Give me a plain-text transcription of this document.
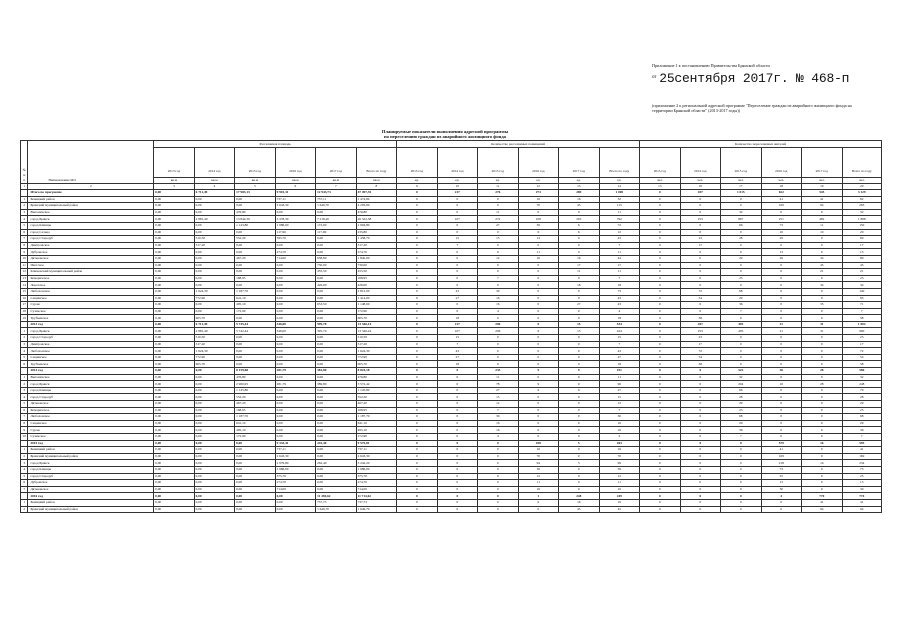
Приложение 1 к постановлению Правительства Брянской области
$^{от}$ 25сентября 2017г. № 468-п
(приложение 2 к региональной адресной программе "Переселение граждан из аварийного жилищного фонда на территории Брянской области" (2013-2017 годы))
Планируемые показатели выполнения адресной программы
по переселению граждан из аварийного жилищного фонда
№ п/п	Наименование МО	Расселяемая площадь						Количество расселяемых помещений						Количество переселяемых жителей					
		2013 год	2014 год	2015 год	2016 год	2017 год	Всего по году	2013 год	2014 год	2015 год	2016 год	2017 год	Всего по году	2013 год	2014 год	2015 год	2016 год	2017 год	Всего по году
		кв.м	кв.м	кв.м	кв.м	кв.м	кв.м	ед.	ед.	ед.	ед.	ед.	ед.	чел.	чел.	чел.	чел.	чел.	чел.
1	2	3	4	5	6	7	8	9	10	11	12	13	14	15	16	17	18	19	20
	Итого по программе	0,00	6 711,49	17 983,13	9 901,31	12 943,73	47 497,35	0	217	276	273	289	1 069	0	457	1 015	622	545	3 129
1	Бежицкий район	0,00	0,00	0,00	737,11	737,11	1 474,84	0	0	0	16	16	32	0	0	0	41	41	82
2	Брянский муниципальный район	0,00	0,00	0,00	2 643,30	1 649,70	4 293,00	0	0	0	70	45	115	0	0	0	169	94	263
3	Выгоничское	0,00	0,00	476,80	0,00	0,00	476,80	0	0	11	0	0	11	0	0	32	0	0	32
4	город Брянск	0,00	2 881,40	13 844,39	3 378,39	7 218,20	26 322,38	0	107	272	108	205	792	0	253	867	251	482	1 888
5	город Клинцы	0,00	0,00	1 143,80	1 986,00	172,00	2 904,80	0	0	27	39	6	72	0	0	66	73	11	150
6	город Сельцо	0,00	0,00	0,00	117,90	117,90	235,80	0	0	0	6	6	12	0	0	0	10	10	20
7	город Стародуб	0,00	510,50	552,20	395,70	0,00	1 458,70	0	15	15	13	0	43	0	23	28	29	0	80
8	Дмитровское	0,00	317,20	0,00	0,00	0,00	317,20	0	7	0	0	0	7	0	17	0	0	0	17
9	Дубровское	0,00	0,00	0,00	274,70	0,00	274,70	0	0	0	11	0	11	0	0	0	13	0	13
10	Дятьковское	0,00	0,00	467,20	714,00	638,80	1 840,00	0	0	12	16	16	44	0	0	29	26	34	89
11	Ивотское	0,00	0,00	0,00	0,00	730,00	730,00	0	0	0	0	17	17	0	0	0	0	45	45
12	Климовский муниципальный район	0,00	0,00	0,00	0,00	455,50	455,50	0	0	0	0	11	11	0	0	0	0	21	21
13	Комаричское	0,00	0,00	168,95	0,00	0,00	168,95	0	0	7	0	0	7	0	0	23	0	0	23
14	Локотское	0,00	0,00	0,00	0,00	426,00	426,00	0	0	0	0	18	18	0	0	0	0	34	34
15	Любохонское	0,00	1 624,30	1 187,70	0,00	0,00	2 812,00	0	43	30	0	0	73	0	72	68	0	0	140
16	Сещинское	0,00	772,90	641,10	0,00	0,00	1 414,00	0	27	16	0	0	43	0	54	29	0	0	83
17	Сураж	0,00	0,00	495,10	0,00	653,50	1 148,60	0	0	16	0	27	43	0	0	36	0	35	71
18	Суземское	0,00	0,00	172,90	0,00	0,00	172,90	0	0	4	0	0	4	0	0	7	0	0	7
19	Трубчевское	0,00	605,70	0,00	0,00	0,00	605,70	0	18	0	0	0	18	0	38	0	0	0	38
	2013 год	0,00	6 711,49	5 745,44	346,00	599,78	13 346,14	0	217	206	6	15	534	0	457	405	21	31	1 002
1	город Брянск	0,00	2 881,40	5 742,44	346,00	395,70	13 346,24	0	107	206	6	13	424	0	253	405	21	31	900
2	город Стародуб	0,00	510,50	0,00	0,00	0,00	510,50	0	15	0	0	0	15	0	23	0	0	0	23
3	Дмитровское	0,00	317,20	0,00	0,00	0,00	317,20	0	7	0	0	0	7	0	17	0	0	0	17
4	Любохонское	0,00	1 624,30	0,00	0,00	0,00	1 624,30	0	43	0	0	0	43	0	72	0	0	0	72
5	Сещинское	0,00	772,90	0,00	0,00	0,00	772,90	0	27	0	0	0	27	0	54	0	0	0	54
6	Трубчевское	0,00	605,70	0,00	0,00	0,00	605,70	0	18	0	0	0	18	0	38	0	0	0	38
	2014 год	0,00	0,00	8 159,68	281,79	382,80	8 824,18	0	0	233	9	9	251	0	0	522	36	28	586
1	Выгоничское	0,00	0,00	476,80	0,00	0,00	476,80	0	0	11	0	0	11	0	0	32	0	0	32
2	город Брянск	0,00	0,00	2 900,95	281,79	389,80	3 572,42	0	0	78	9	9	96	0	0	204	16	28	248
3	город Клинцы	0,00	0,00	1 145,80	0,00	0,00	1 145,80	0	0	27	6	6	27	0	0	66	0	0	70
4	город Стародуб	0,00	0,00	552,20	0,00	0,00	552,20	0	0	15	0	0	15	0	0	28	0	0	28
5	Дятьковское	0,00	0,00	467,20	0,00	0,00	467,20	0	0	12	0	0	12	0	0	29	0	0	29
6	Комаричское	0,00	0,00	168,95	0,00	0,00	168,95	0	0	7	0	0	7	0	0	23	0	0	23
7	Любохонское	0,00	0,00	1 187,70	0,00	0,00	1 187,70	0	0	30	0	0	30	0	0	68	0	0	68
8	Сещинское	0,00	0,00	641,10	0,00	0,00	641,10	0	0	16	0	0	16	0	0	29	0	0	29
9	Сураж	0,00	0,00	495,10	0,00	0,00	495,10	0	0	16	0	0	16	0	0	36	0	0	36
10	Суземское	0,00	0,00	172,90	0,00	0,00	172,90	0	0	4	0	0	4	0	0	7	0	0	7
	2015 год	0,00	0,00	0,00	9 333,41	242,40	9 575,81	0	0	0	258	5	263	0	0	0	579	16	595
1	Бежицкий район	0,00	0,00	0,00	737,11	0,00	737,11	0	0	0	16	0	16	0	0	0	41	0	41
2	Брянский муниципальный район	0,00	0,00	0,00	2 643,30	0,00	2 643,30	0	0	0	70	0	70	0	0	0	169	0	169
3	город Брянск	0,00	0,00	0,00	2 979,80	262,40	3 242,20	0	0	0	94	5	99	0	0	0	218	16	234
4	город Клинцы	0,00	0,00	0,00	1 986,00	0,00	1 986,00	0	0	0	39	0	39	0	0	0	73	0	73
5	город Стародуб	0,00	0,00	0,00	375,70	0,00	375,70	0	0	0	12	0	12	0	0	0	25	0	25
6	Дубровское	0,00	0,00	0,00	274,70	0,00	274,70	0	0	0	11	0	11	0	0	0	13	0	13
7	Дятьковское	0,00	0,00	0,00	714,00	0,00	714,00	0	0	0	16	0	16	0	0	0	30	0	30
	2016 год	0,00	0,00	0,00	0,00	11 494,62	11 714,62	0	0	0	1	248	249	0	0	0	4	770	774
1	Бежицкий район	0,00	0,00	0,00	0,00	737,73	737,73	0	0	0	0	16	16	0	0	0	0	41	41
2	Брянский муниципальный район	0,00	0,00	0,00	0,00	1 649,70	1 649,70	0	0	0	0	45	45	0	0	0	0	94	94
